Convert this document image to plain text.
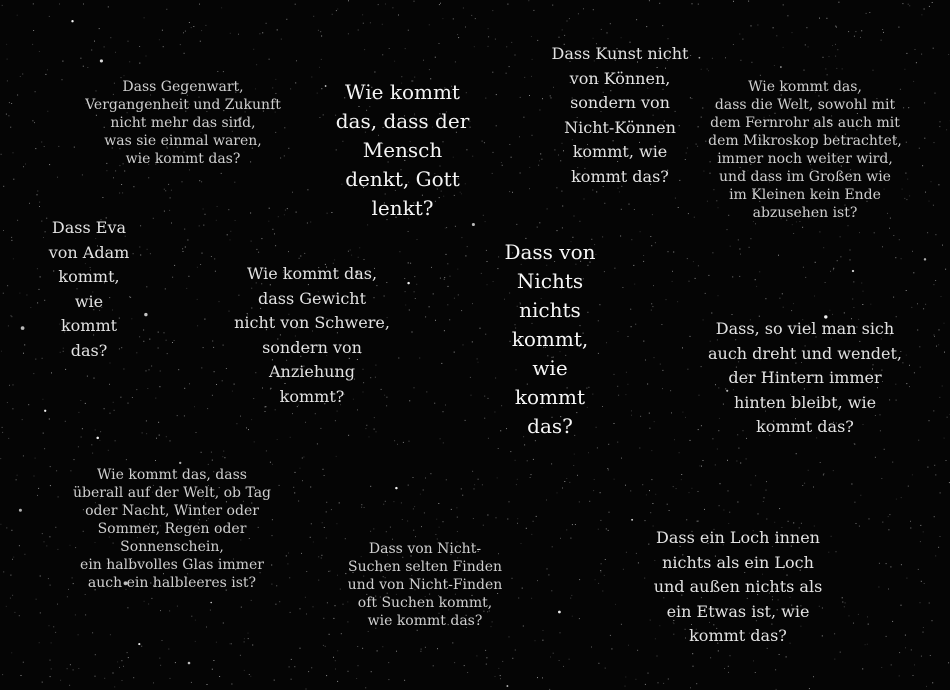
Dass Gegenwart,
Vergangenheit und Zukunft
nicht mehr das sind,
was sie einmal waren,
wie kommt das?
Wie kommt
das, dass der
Mensch
denkt, Gott
lenkt?
Dass Kunst nicht
von Können,
sondern von
Nicht-Können
kommt, wie
kommt das?
Wie kommt das,
dass die Welt, sowohl mit
dem Fernrohr als auch mit
dem Mikroskop betrachtet,
immer noch weiter wird,
und dass im Großen wie
im Kleinen kein Ende
abzusehen ist?
Dass Eva
von Adam
kommt,
wie
kommt
das?
Wie kommt das,
dass Gewicht
nicht von Schwere,
sondern von
Anziehung
kommt?
Dass von
Nichts
nichts
kommt,
wie
kommt
das?
Dass, so viel man sich
auch dreht und wendet,
der Hintern immer
hinten bleibt, wie
kommt das?
Wie kommt das, dass
überall auf der Welt, ob Tag
oder Nacht, Winter oder
Sommer, Regen oder
Sonnenschein,
ein halbvolles Glas immer
auch ein halbleeres ist?
Dass von Nicht-
Suchen selten Finden
und von Nicht-Finden
oft Suchen kommt,
wie kommt das?
Dass ein Loch innen
nichts als ein Loch
und außen nichts als
ein Etwas ist, wie
kommt das?
